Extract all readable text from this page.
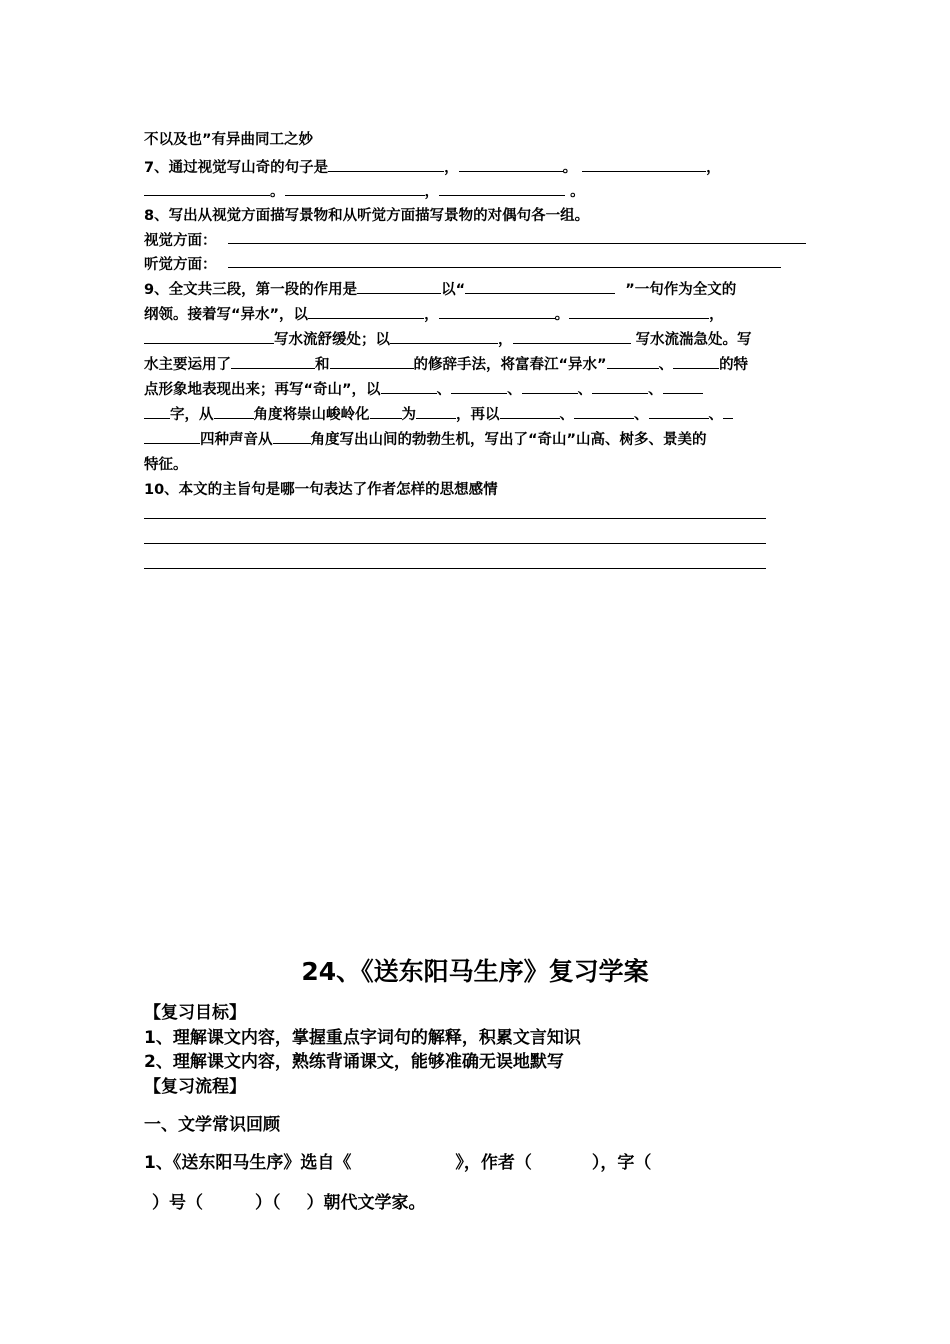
不以及也”有异曲同工之妙
7、通过视觉写山奇的句子是	，	。	，
。	，	。
8、写出从视觉方面描写景物和从听觉方面描写景物的对偶句各一组。
视觉方面：
听觉方面：
9、全文共三段，第一段的作用是	以“	”一句作为全文的
纲领。接着写“异水”，以	，	。	，
写水流舒缓处；以	，	写水流湍急处。写
水主要运用了	和	的修辞手法，将富春江“异水”	、	的特
点形象地表现出来；再写“奇山”，以	、	、	、	、
字，从	角度将崇山峻岭化 为	，再以	、	、	、
四种声音从	角度写出山间的勃勃生机，写出了“奇山”山高、树多、景美的
特征。
10、本文的主旨句是哪一句表达了作者怎样的思想感情
24、《送东阳马生序》复习学案
【复习目标】
1、理解课文内容，掌握重点字词句的解释，积累文言知识
2、理解课文内容，熟练背诵课文，能够准确无误地默写
【复习流程】
一、文学常识回顾
1、《送东阳马生序》选自《	》，作者（	），字（
）号（	）（ ）朝代文学家。
